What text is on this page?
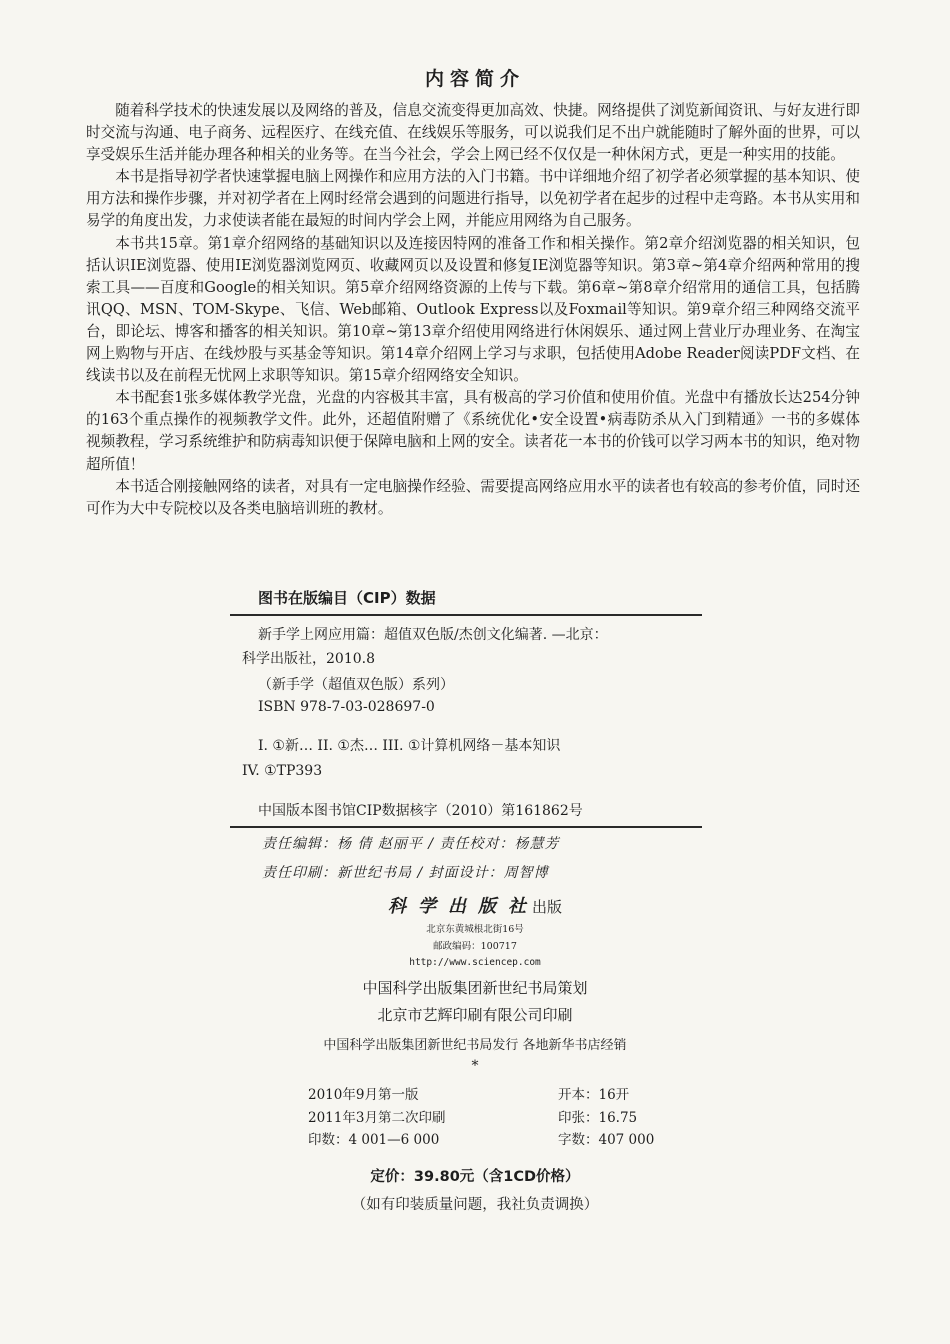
内容简介

随着科学技术的快速发展以及网络的普及，信息交流变得更加高效、快捷。网络提供了浏览新闻资讯、与好友进行即时交流与沟通、电子商务、远程医疗、在线充值、在线娱乐等服务，可以说我们足不出户就能随时了解外面的世界，可以享受娱乐生活并能办理各种相关的业务等。在当今社会，学会上网已经不仅仅是一种休闲方式，更是一种实用的技能。

本书是指导初学者快速掌握电脑上网操作和应用方法的入门书籍。书中详细地介绍了初学者必须掌握的基本知识、使用方法和操作步骤，并对初学者在上网时经常会遇到的问题进行指导，以免初学者在起步的过程中走弯路。本书从实用和易学的角度出发，力求使读者能在最短的时间内学会上网，并能应用网络为自己服务。

本书共15章。第1章介绍网络的基础知识以及连接因特网的准备工作和相关操作。第2章介绍浏览器的相关知识，包括认识IE浏览器、使用IE浏览器浏览网页、收藏网页以及设置和修复IE浏览器等知识。第3章~第4章介绍两种常用的搜索工具——百度和Google的相关知识。第5章介绍网络资源的上传与下载。第6章~第8章介绍常用的通信工具，包括腾讯QQ、MSN、TOM-Skype、飞信、Web邮箱、Outlook Express以及Foxmail等知识。第9章介绍三种网络交流平台，即论坛、博客和播客的相关知识。第10章~第13章介绍使用网络进行休闲娱乐、通过网上营业厅办理业务、在淘宝网上购物与开店、在线炒股与买基金等知识。第14章介绍网上学习与求职，包括使用Adobe Reader阅读PDF文档、在线读书以及在前程无忧网上求职等知识。第15章介绍网络安全知识。

本书配套1张多媒体教学光盘，光盘的内容极其丰富，具有极高的学习价值和使用价值。光盘中有播放长达254分钟的163个重点操作的视频教学文件。此外，还超值附赠了《系统优化•安全设置•病毒防杀从入门到精通》一书的多媒体视频教程，学习系统维护和防病毒知识便于保障电脑和上网的安全。读者花一本书的价钱可以学习两本书的知识，绝对物超所值！

本书适合刚接触网络的读者，对具有一定电脑操作经验、需要提高网络应用水平的读者也有较高的参考价值，同时还可作为大中专院校以及各类电脑培训班的教材。

图书在版编目（CIP）数据
新手学上网应用篇：超值双色版/杰创文化编著. —北京：
科学出版社，2010.8
（新手学（超值双色版）系列）
ISBN 978-7-03-028697-0
I. ①新… II. ①杰… III. ①计算机网络－基本知识
IV. ①TP393
中国版本图书馆CIP数据核字（2010）第161862号
责任编辑：杨 倩 赵丽平 / 责任校对：杨慧芳
责任印刷：新世纪书局 / 封面设计：周智博
科学出版社出版
北京东黄城根北街16号
邮政编码：100717
http://www.sciencep.com
中国科学出版集团新世纪书局策划
北京市艺辉印刷有限公司印刷
中国科学出版集团新世纪书局发行 各地新华书店经销
*
2010年9月第一版
2011年3月第二次印刷
印数：4 001—6 000
开本：16开
印张：16.75
字数：407 000
定价：39.80元（含1CD价格）
（如有印装质量问题，我社负责调换）
